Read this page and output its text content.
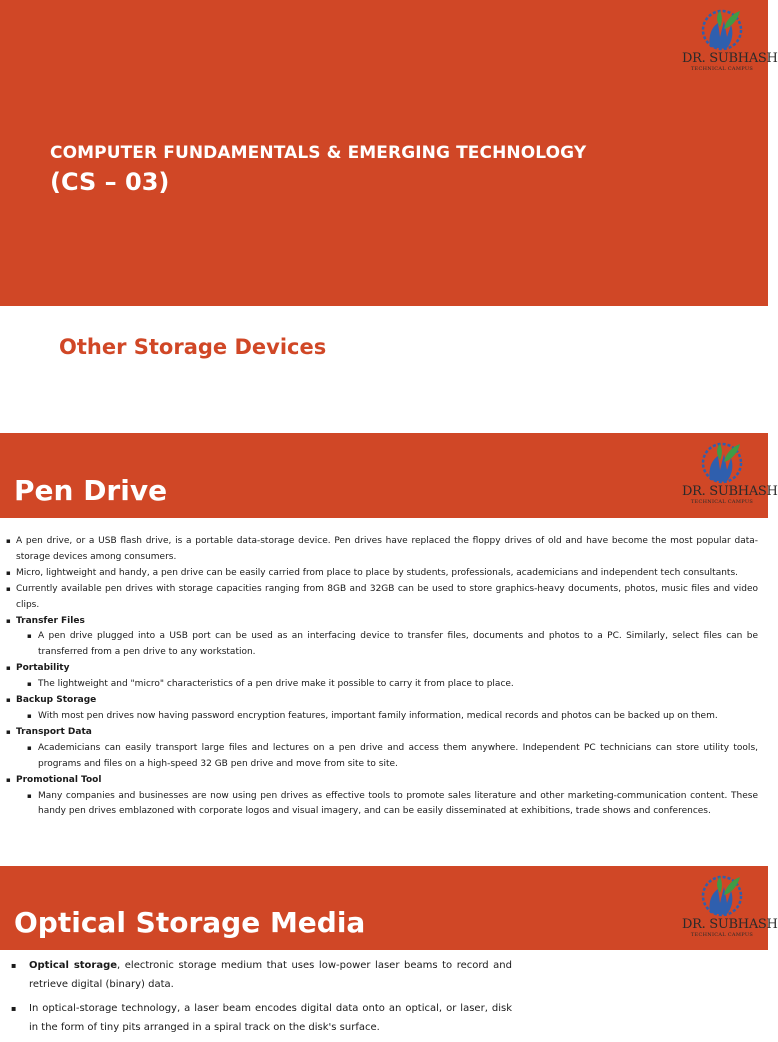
DR. SUBHASH
TECHNICAL CAMPUS
COMPUTER FUNDAMENTALS & EMERGING TECHNOLOGY
(CS – 03)
Other Storage Devices
Pen Drive	DR. SUBHASH
TECHNICAL CAMPUS

▪ A pen drive, or a USB flash drive, is a portable data-storage device. Pen drives have replaced the floppy drives of old and have become the most popular data-storage devices among consumers.

▪ Micro, lightweight and handy, a pen drive can be easily carried from place to place by students, professionals, academicians and independent tech consultants.

▪ Currently available pen drives with storage capacities ranging from 8GB and 32GB can be used to store graphics-heavy documents, photos, music files and video clips.

▪ Transfer Files

▪ A pen drive plugged into a USB port can be used as an interfacing device to transfer files, documents and photos to a PC. Similarly, select files can be transferred from a pen drive to any workstation.

▪ Portability

▪ The lightweight and "micro" characteristics of a pen drive make it possible to carry it from place to place.

▪ Backup Storage

▪ With most pen drives now having password encryption features, important family information, medical records and photos can be backed up on them.

▪ Transport Data

▪ Academicians can easily transport large files and lectures on a pen drive and access them anywhere. Independent PC technicians can store utility tools, programs and files on a high-speed 32 GB pen drive and move from site to site.

▪ Promotional Tool

▪ Many companies and businesses are now using pen drives as effective tools to promote sales literature and other marketing-communication content. These handy pen drives emblazoned with corporate logos and visual imagery, and can be easily disseminated at exhibitions, trade shows and conferences.

Optical Storage Media	DR. SUBHASH
TECHNICAL CAMPUS

▪ Optical storage, electronic storage medium that uses low-power laser beams to record and retrieve digital (binary) data.

▪ In optical-storage technology, a laser beam encodes digital data onto an optical, or laser, disk in the form of tiny pits arranged in a spiral track on the disk's surface.
